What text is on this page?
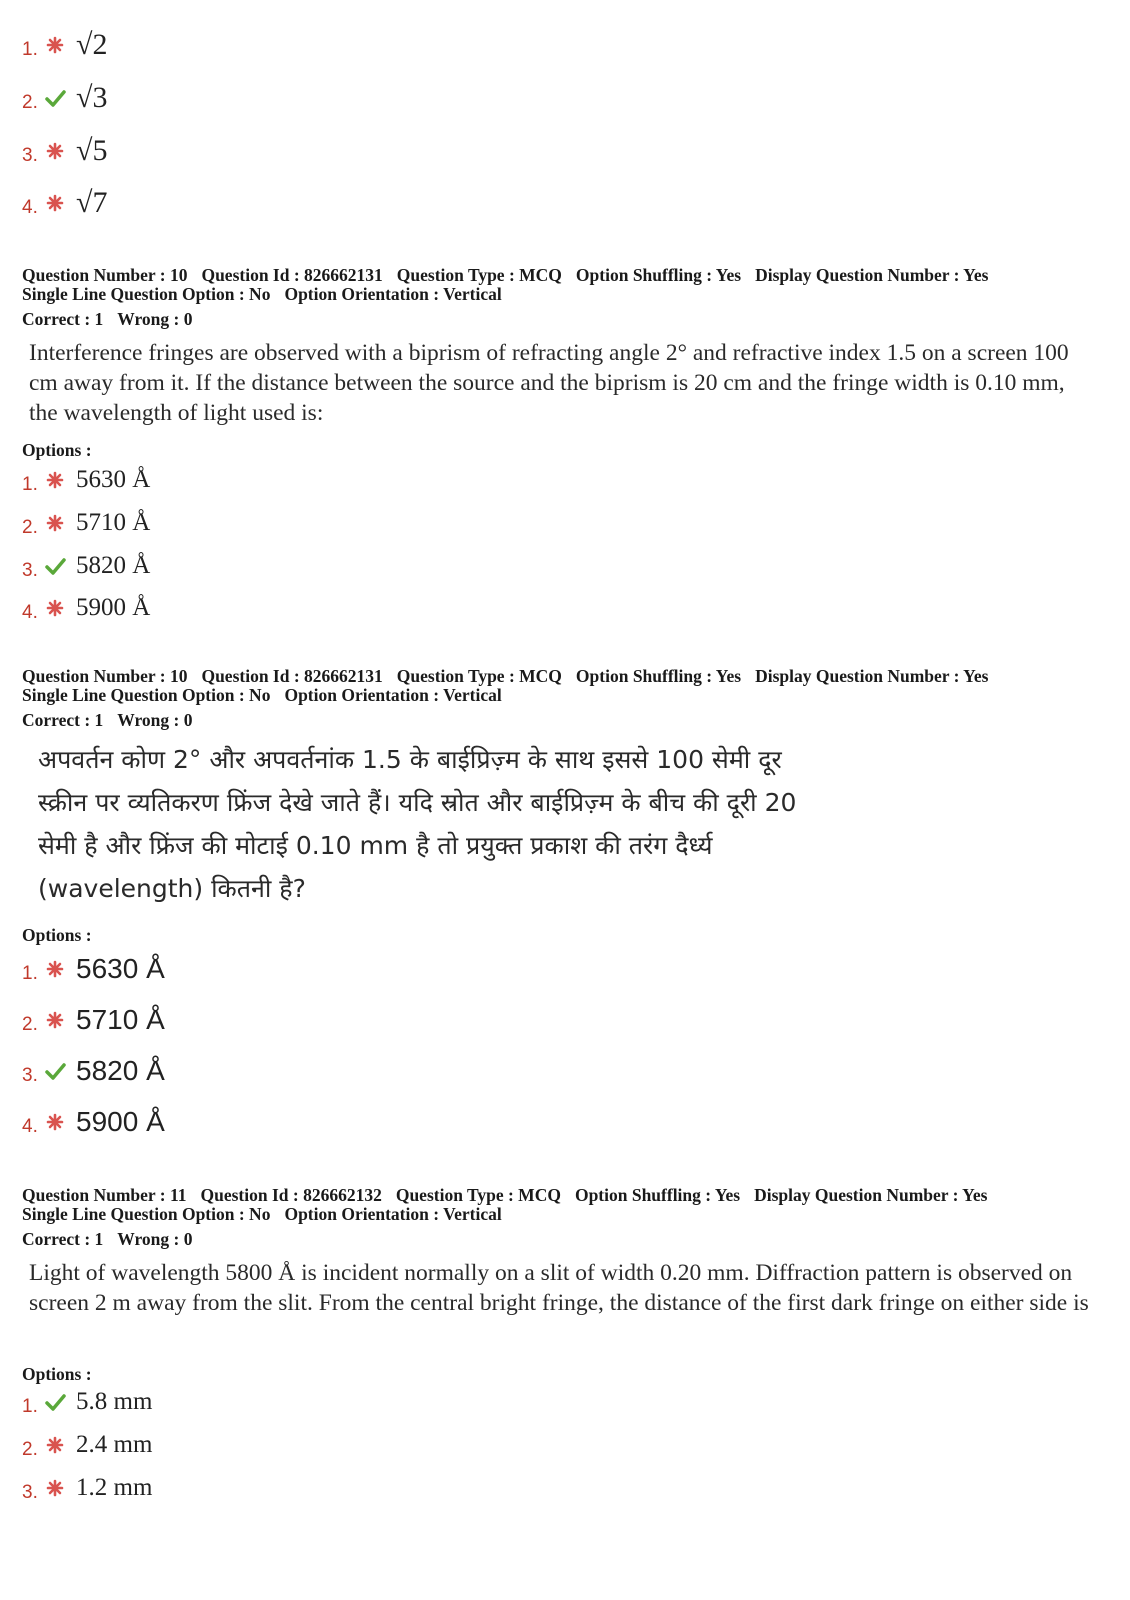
1. √2
2. √3
3. √5
4. √7
Question Number : 10 Question Id : 826662131 Question Type : MCQ Option Shuffling : Yes Display Question Number : Yes
Single Line Question Option : No Option Orientation : Vertical
Correct : 1 Wrong : 0
Interference fringes are observed with a biprism of refracting angle 2° and refractive index 1.5 on a screen 100 cm away from it. If the distance between the source and the biprism is 20 cm and the fringe width is 0.10 mm, the wavelength of light used is:
Options :
1. 5630 Å
2. 5710 Å
3. 5820 Å
4. 5900 Å
Question Number : 10 Question Id : 826662131 Question Type : MCQ Option Shuffling : Yes Display Question Number : Yes
Single Line Question Option : No Option Orientation : Vertical
Correct : 1 Wrong : 0
अपवर्तन कोण 2° और अपवर्तनांक 1.5 के बाईप्रिज़्म के साथ इससे 100 सेमी दूर स्क्रीन पर व्यतिकरण फ्रिंज देखे जाते हैं। यदि स्रोत और बाईप्रिज़्म के बीच की दूरी 20 सेमी है और फ्रिंज की मोटाई 0.10 mm है तो प्रयुक्त प्रकाश की तरंग दैर्ध्य (wavelength) कितनी है?
Options :
1. 5630 Å
2. 5710 Å
3. 5820 Å
4. 5900 Å
Question Number : 11 Question Id : 826662132 Question Type : MCQ Option Shuffling : Yes Display Question Number : Yes
Single Line Question Option : No Option Orientation : Vertical
Correct : 1 Wrong : 0
Light of wavelength 5800 Å is incident normally on a slit of width 0.20 mm. Diffraction pattern is observed on screen 2 m away from the slit. From the central bright fringe, the distance of the first dark fringe on either side is
Options :
1. 5.8 mm
2. 2.4 mm
3. 1.2 mm
